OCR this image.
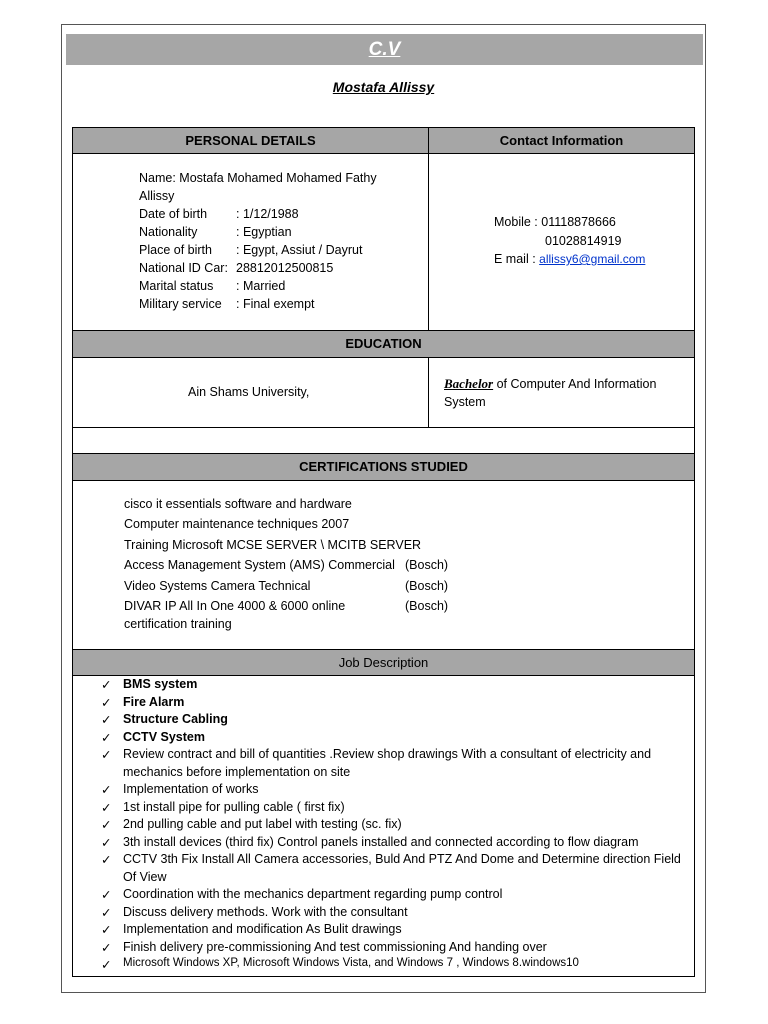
C.V
Mostafa Allissy
PERSONAL DETAILS	Contact Information
Name: Mostafa Mohamed Mohamed Fathy
Allissy
Date of birth : 1/12/1988
Nationality	: Egyptian
Place of birth : Egypt, Assiut / Dayrut
National ID Car: 28812012500815
Marital status : Married
Military service : Final exempt
Mobile : 01118878666
01028814919
E mail : allissy6@gmail.com
EDUCATION
Ain Shams University,
Bachelor of Computer And Information
System
CERTIFICATIONS STUDIED
cisco it essentials software and hardware
Computer maintenance techniques 2007
Training Microsoft MCSE SERVER \ MCITB SERVER
Access Management System (AMS) Commercial (Bosch)
Video Systems Camera Technical	(Bosch)
DIVAR IP All In One 4000 & 6000 online	(Bosch)
certification training
Job Description
✓ BMS system
✓ Fire Alarm
✓ Structure Cabling
✓ CCTV System
✓ Review contract and bill of quantities .Review shop drawings With a consultant of electricity and
mechanics before implementation on site
✓ Implementation of works
✓ 1st install pipe for pulling cable ( first fix)
✓ 2nd pulling cable and put label with testing (sc. fix)
✓ 3th install devices (third fix) Control panels installed and connected according to flow diagram
✓ CCTV 3th Fix Install All Camera accessories, Buld And PTZ And Dome and Determine direction Field
Of View
✓ Coordination with the mechanics department regarding pump control
✓ Discuss delivery methods. Work with the consultant
✓ Implementation and modification As Bulit drawings
✓ Finish delivery pre-commissioning And test commissioning And handing over
✓	Microsoft Windows XP, Microsoft Windows Vista, and Windows 7 , Windows 8.windows10
